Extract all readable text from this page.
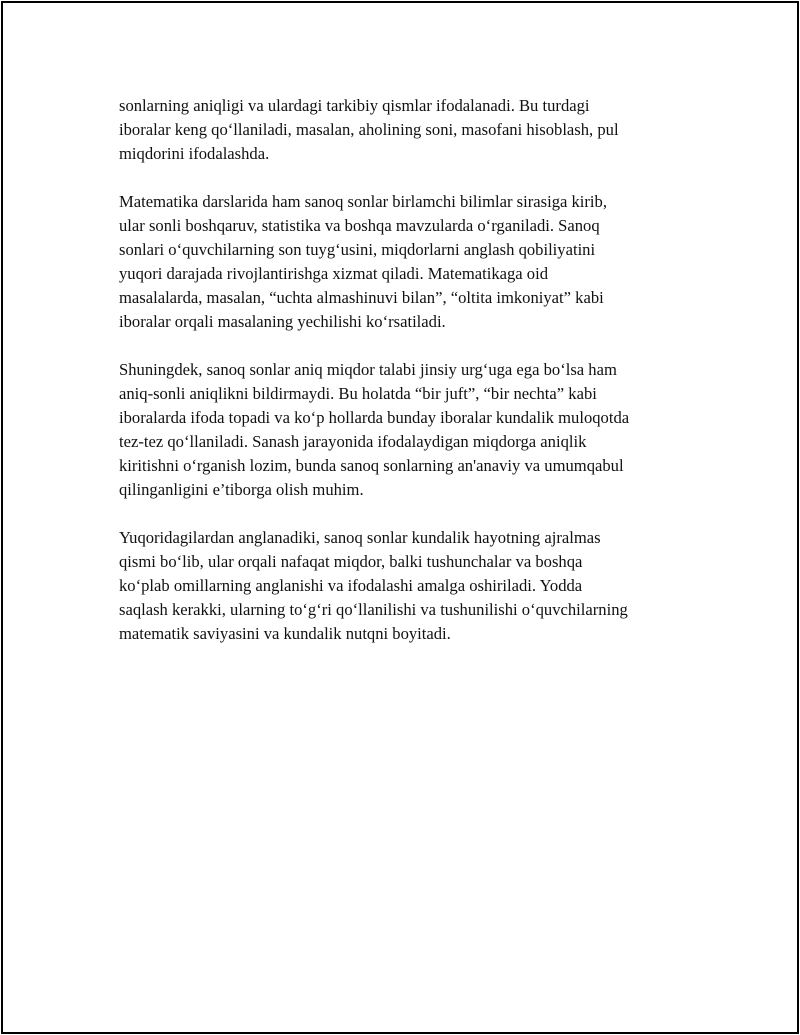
sonlarning aniqligi va ulardagi tarkibiy qismlar ifodalanadi. Bu turdagi
iboralar keng qo‘llaniladi, masalan, aholining soni, masofani hisoblash, pul
miqdorini ifodalashda.

Matematika darslarida ham sanoq sonlar birlamchi bilimlar sirasiga kirib,
ular sonli boshqaruv, statistika va boshqa mavzularda o‘rganiladi. Sanoq
sonlari o‘quvchilarning son tuyg‘usini, miqdorlarni anglash qobiliyatini
yuqori darajada rivojlantirishga xizmat qiladi. Matematikaga oid
masalalarda, masalan, “uchta almashinuvi bilan”, “oltita imkoniyat” kabi
iboralar orqali masalaning yechilishi ko‘rsatiladi.

Shuningdek, sanoq sonlar aniq miqdor talabi jinsiy urg‘uga ega bo‘lsa ham
aniq-sonli aniqlikni bildirmaydi. Bu holatda “bir juft”, “bir nechta” kabi
iboralarda ifoda topadi va ko‘p hollarda bunday iboralar kundalik muloqotda
tez-tez qo‘llaniladi. Sanash jarayonida ifodalaydigan miqdorga aniqlik
kiritishni o‘rganish lozim, bunda sanoq sonlarning an'anaviy va umumqabul
qilinganligini e’tiborga olish muhim.

Yuqoridagilardan anglanadiki, sanoq sonlar kundalik hayotning ajralmas
qismi bo‘lib, ular orqali nafaqat miqdor, balki tushunchalar va boshqa
ko‘plab omillarning anglanishi va ifodalashi amalga oshiriladi. Yodda
saqlash kerakki, ularning to‘g‘ri qo‘llanilishi va tushunilishi o‘quvchilarning
matematik saviyasini va kundalik nutqni boyitadi.
